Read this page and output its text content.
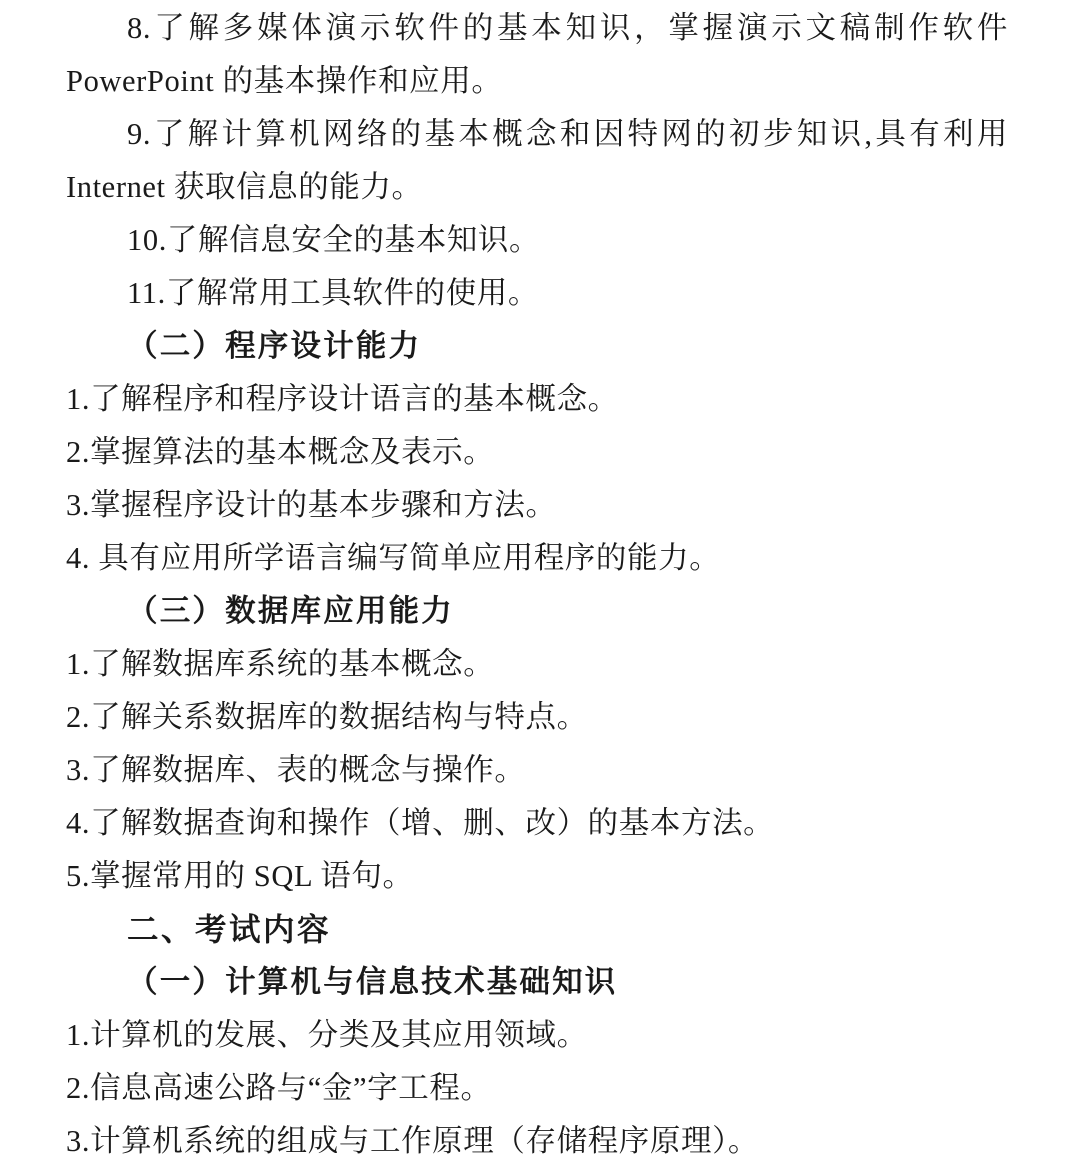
8.了解多媒体演示软件的基本知识，掌握演示文稿制作软件 PowerPoint 的基本操作和应用。

9.了解计算机网络的基本概念和因特网的初步知识,具有利用 Internet 获取信息的能力。

10.了解信息安全的基本知识。

11.了解常用工具软件的使用。

（二）程序设计能力

1.了解程序和程序设计语言的基本概念。

2.掌握算法的基本概念及表示。

3.掌握程序设计的基本步骤和方法。

4. 具有应用所学语言编写简单应用程序的能力。

（三）数据库应用能力

1.了解数据库系统的基本概念。

2.了解关系数据库的数据结构与特点。

3.了解数据库、表的概念与操作。

4.了解数据查询和操作（增、删、改）的基本方法。

5.掌握常用的 SQL 语句。

二、考试内容

（一）计算机与信息技术基础知识

1.计算机的发展、分类及其应用领域。

2.信息高速公路与“金”字工程。

3.计算机系统的组成与工作原理（存储程序原理）。
